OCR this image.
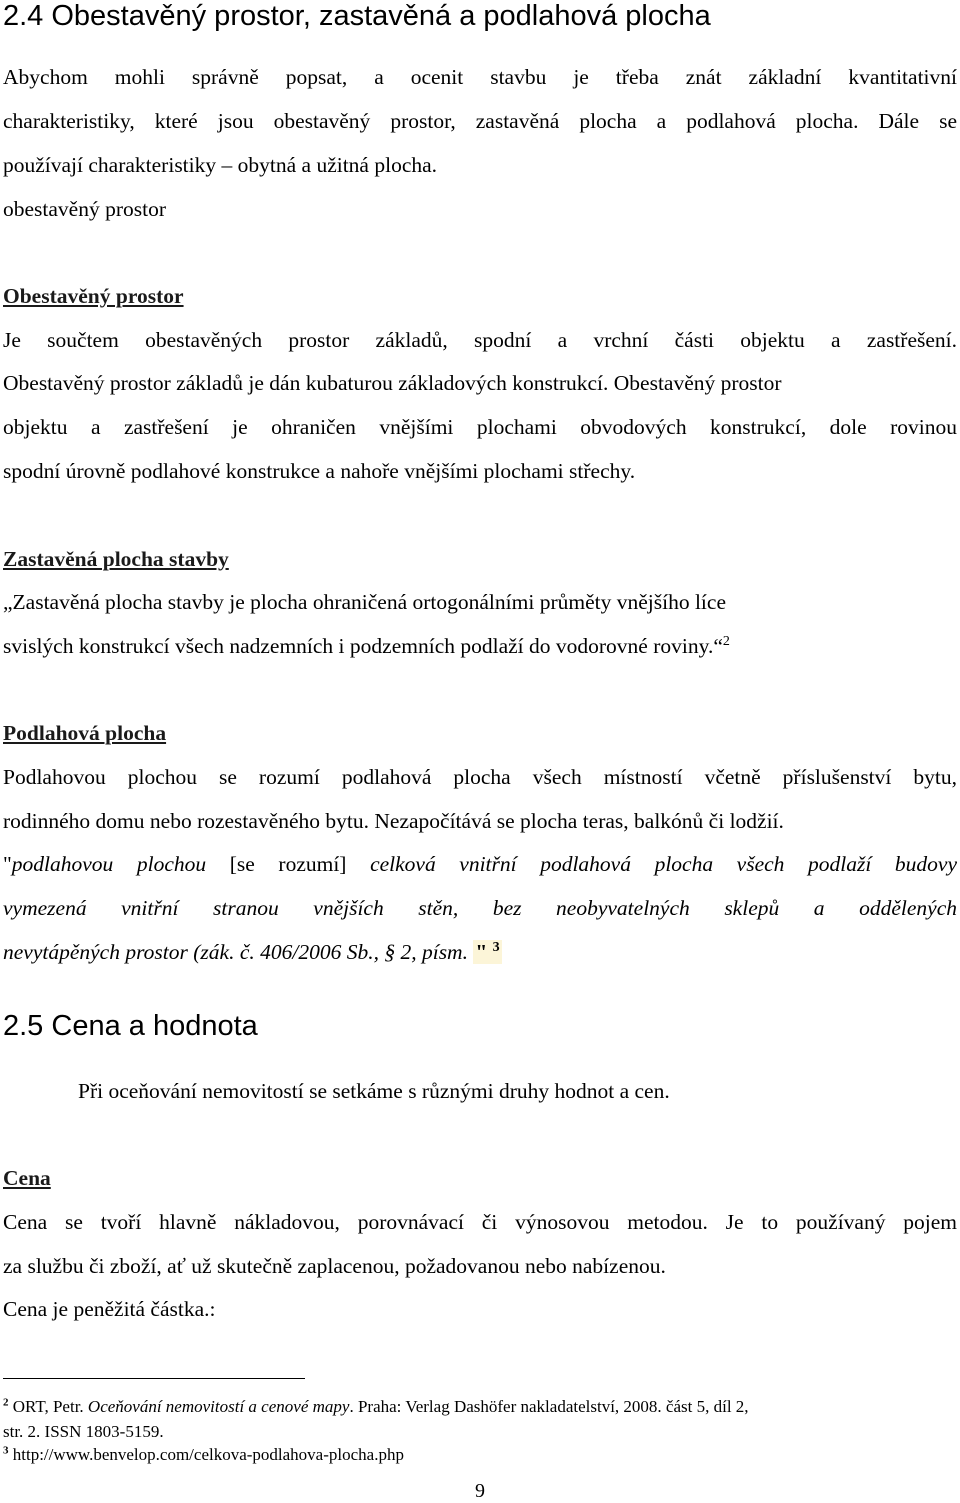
2.4 Obestavěný prostor, zastavěná a podlahová plocha
Abychom mohli správně popsat, a ocenit stavbu je třeba znát základní kvantitativní
charakteristiky, které jsou obestavěný prostor, zastavěná plocha a podlahová plocha. Dále se
používají charakteristiky – obytná a užitná plocha.
obestavěný prostor
Obestavěný prostor
Je součtem obestavěných prostor základů, spodní a vrchní části objektu a zastřešení.
Obestavěný prostor základů je dán kubaturou základových konstrukcí. Obestavěný prostor
objektu a zastřešení je ohraničen vnějšími plochami obvodových konstrukcí, dole rovinou
spodní úrovně podlahové konstrukce a nahoře vnějšími plochami střechy.
Zastavěná plocha stavby
„Zastavěná plocha stavby je plocha ohraničená ortogonálními průměty vnějšího líce
svislých konstrukcí všech nadzemních i podzemních podlaží do vodorovné roviny.“$^2$
Podlahová plocha
Podlahovou plochou se rozumí podlahová plocha všech místností včetně příslušenství bytu,
rodinného domu nebo rozestavěného bytu. Nezapočítává se plocha teras, balkónů či lodžií.
"podlahovou plochou [se rozumí] celková vnitřní podlahová plocha všech podlaží budovy
vymezená vnitřní stranou vnějších stěn, bez neobyvatelných sklepů a oddělených
nevytápěných prostor (zák. č. 406/2006 Sb., § 2, písm. " $^3$
2.5 Cena a hodnota
Při oceňování nemovitostí se setkáme s různými druhy hodnot a cen.
Cena
Cena se tvoří hlavně nákladovou, porovnávací či výnosovou metodou. Je to používaný pojem
za službu či zboží, ať už skutečně zaplacenou, požadovanou nebo nabízenou.
Cena je peněžitá částka.:
$^2$ ORT, Petr. Oceňování nemovitostí a cenové mapy. Praha: Verlag Dashöfer nakladatelství, 2008. část 5, díl 2,
str. 2. ISSN 1803-5159.
$^3$ http://www.benvelop.com/celkova-podlahova-plocha.php
9
